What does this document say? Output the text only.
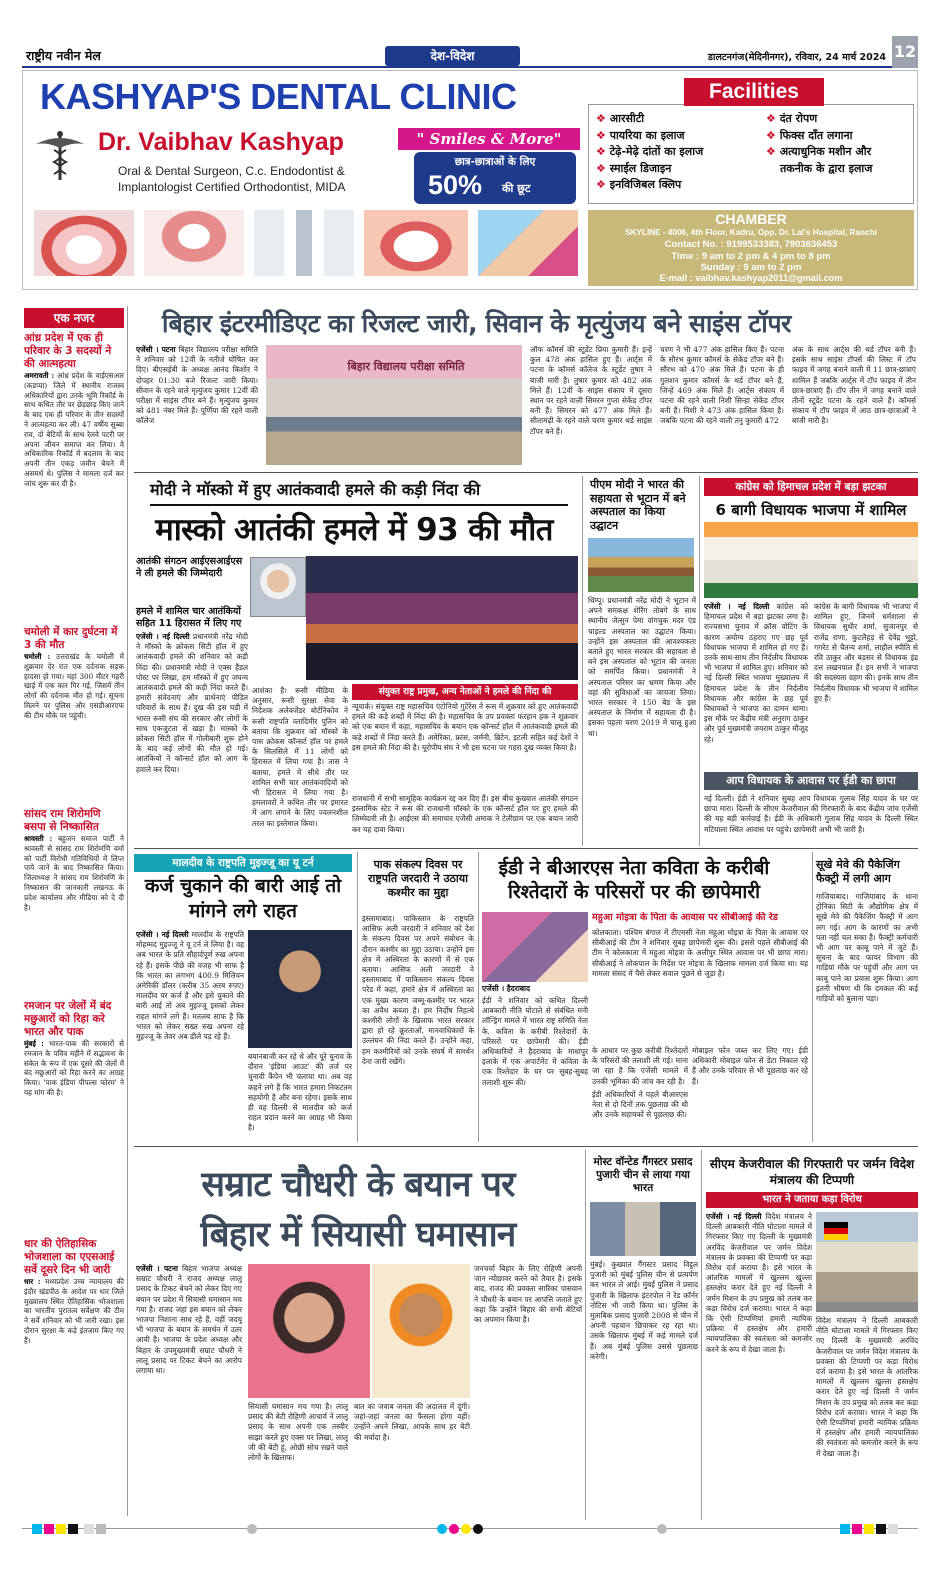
राष्ट्रीय नवीन मेल	देश-विदेश	डालटनगंज(मेदिनीनगर), रविवार, 24 मार्च 2024 12
KASHYAP'S DENTAL CLINIC
Dr. Vaibhav Kashyap
Oral & Dental Surgeon, C.c. Endodontist &
Implantologist Certified Orthodontist, MIDA
" Smiles & More"
छात्र-छात्राओं के लिए
50% की छूट
Facilities
❖ आरसीटी
❖ पायरिया का इलाज
❖ टेढ़े-मेढ़े दांतों का इलाज
❖ स्माईल डिजाइन
❖ इनविजिबल क्लिप
❖ दंत रोपण
❖ फिक्स दाँत लगाना
❖ अत्याधुनिक मशीन और
तकनीक के द्वारा इलाज
CHAMBER
SKYLINE - 4006, 4th Floor, Kadru, Opp. Dr. Lal's Hospital, Ranchi
Contact No. : 9199533383, 7903836453
Time : 9 am to 2 pm & 4 pm to 8 pm
Sunday : 9 am to 2 pm
E-mail : vaibhav.kashyap2011@gmail.com
एक नजर
आंध्र प्रदेश में एक ही परिवार के 3 सदस्यों ने की आत्महत्या
अमरावती : आंध्र प्रदेश के वाईएसआर (कडप्पा) जिले में स्थानीय राजस्व अधिकारियों द्वारा उनके भूमि रिकॉर्ड के साथ कथित तौर पर छेड़छाड़ किए जाने के बाद एक ही परिवार के तीन सदस्यों ने आत्महत्या कर ली। 47 वर्षीय सुब्बा राव, दो बेटियों के साथ रेलवे पटरी पर अपना जीवन समाप्त कर लिया। वे अधिकारिक रिकॉर्ड में बदलाव के बाद अपनी तीन एकड़ जमीन बेचने में असमर्थ थे। पुलिस ने मामला दर्ज कर जांच शुरू कर दी है।
चमोली में कार दुर्घटना में 3 की मौत
चमोली : उत्तराखंड के चमोली में शुक्रवार देर रात एक दर्दनाक सड़क हादसा हो गया। यहां 300 मीटर गहरी खाई में एक कार गिर गई, जिसमें तीन लोगों की दर्दनाक मौत हो गई। सूचना मिलने पर पुलिस और एसडीआरएफ की टीम मौके पर पहुंची।
सांसद राम शिरोमणि बसपा से निष्कासित
श्रावस्ती : बहुजन समाज पार्टी ने श्रावस्ती से सांसद राम शिरोमणि वर्मा को पार्टी विरोधी गतिविधियों में लिप्त पाये जाने के बाद निष्कासित किया। जिलाध्यक्ष ने सांसद राम शिरोमणि के निष्कासन की जानकारी लखनऊ के प्रदेश कार्यालय और मीडिया को दे दी है।
रमजान पर जेलों में बंद मछुआरों को रिहा करे भारत और पाक
मुंबई : भारत-पाक की सरकारों से रमजान के पवित्र महीने में सद्भावना के संकेत के रूप में एक दूसरे की जेलों में बंद मछुआरों को रिहा करने का आग्रह किया। 'पाक इंडिया पीपल्स फोरम' ने यह मांग की है।
धार की ऐतिहासिक भोजशाला का एएसआई सर्वे दूसरे दिन भी जारी
धार : मध्यप्रदेश उच्च न्यायालय की इंदौर खंडपीठ के आदेश पर धार जिले मुख्यालय स्थित ऐतिहासिक भोजशाला का भारतीय पुरातत्व सर्वेक्षण की टीम ने सर्वे शनिवार को भी जारी रखा। इस दौरान सुरक्षा के कड़े इंतजाम किए गए हैं।
बिहार इंटरमीडिएट का रिजल्ट जारी, सिवान के मृत्युंजय बने साइंस टॉपर
एजेंसी । पटना बिहार विद्यालय परीक्षा समिति ने शनिवार को 12वीं के नतीजे घोषित कर दिए। बीएसईबी के अध्यक्ष आनंद किशोर ने दोपहर 01:30 बजे रिजल्ट जारी किया। सीवान के रहने वाले मृत्युंजय कुमार 12वीं की परीक्षा में साइंस टॉपर बने हैं। मृत्युंजय कुमार को 481 नंबर मिले हैं। पूर्णिया की रहने वाली कॉलेज
बिहार विद्यालय परीक्षा समिति
ऑफ कॉमर्स की स्टूडेंट प्रिया कुमारी हैं। इन्हें कुल 478 अंक हासिल हुए हैं। आर्ट्स में पटना के कॉमर्स कॉलेज के स्टूडेंट तुषार ने बाजी मारी है। तुषार कुमार को 482 अंक मिले हैं। 12वीं के साइंस संकाय में दूसरा स्थान पर रहने वाली सिमरन गुप्ता सेकेंड टॉपर बनी हैं। सिमरन को 477 अंक मिले हैं। सीतामढ़ी के रहने वाले चरण कुमार थर्ड साइंस टॉपर बने हैं।
चरण ने भी 477 अंक हासिल किए हैं। पटना के सौरभ कुमार कॉमर्स के सेकेंड टॉपर बने हैं। सौरभ को 470 अंक मिले हैं। पटना के ही गुलशन कुमार कॉमर्स के थर्ड टॉपर बने हैं, जिन्हें 469 अंक मिले हैं। आर्ट्स संकाय में पटना की रहने वाली निशी सिन्हा सेकेंड टॉपर बनी हैं। निशी ने 473 अंक हासिल किया है। जबकि पटना की रहने वाली तनु कुमारी 472
अंक के साथ आर्ट्स की थर्ड टॉपर बनी हैं। इसके साथ साइंस टॉपर्स की लिस्ट में टॉप फाइव में जगह बनाने वाली में 11 छात्र-छात्राएं शामिल हैं जबकि आर्ट्स में टॉप फाइव में तीन छात्र-छात्राएं हैं। टॉप तीन में जगह बनाने वाले तीनों स्टूडेंट पटना के रहने वाले हैं। कॉमर्स संकाय में टॉप फाइव में आठ छात्र-छात्राओं ने बाजी मारी है।
मोदी ने मॉस्को में हुए आतंकवादी हमले की कड़ी निंदा की
मास्को आतंकी हमले में 93 की मौत
आतंकी संगठन आईएसआईएस ने ली हमले की जिम्मेदारी
हमले में शामिल चार आतंकियों सहित 11 हिरासत में लिए गए
एजेंसी । नई दिल्ली प्रधानमंत्री नरेंद्र मोदी ने मॉस्को के क्रोकस सिटी हॉल में हुए आतंकवादी हमले की शनिवार को कड़ी निंदा की। प्रधानमंत्री मोदी ने एक्स हैंडल पोस्ट पर लिखा, हम मॉस्को में हुए जघन्य आतंकवादी हमले की कड़ी निंदा करते हैं। हमारी संवेदनाएं और प्रार्थनाएं पीड़ित परिवारों के साथ हैं। दुख की इस घड़ी में भारत रूसी संघ की सरकार और लोगों के साथ एकजुटता से खड़ा है। मास्को के क्रोकस सिटी हॉल में गोलीबारी शुरू होने के बाद कई लोगों की मौत हो गई। आतंकियों ने कॉन्सर्ट हॉल को आग के हवाले कर दिया।
आशंका है। रूसी मीडिया के अनुसार, रूसी सुरक्षा सेवा के निदेशक अलेक्जेंडर बोर्टनिकोव ने रूसी राष्ट्रपति व्लादिमीर पुतिन को बताया कि शुक्रवार को मॉस्को के पास क्रोकस कॉन्सर्ट हॉल पर हमले के सिलसिले में 11 लोगों को हिरासत में लिया गया है। तास ने बताया, हमले में सीधे तौर पर शामिल सभी चार आतंकवादियों को भी हिरासत में लिया गया है। हमलावरों ने कथित तौर पर इमारत में आग लगाने के लिए ज्वलनशील तरल का इस्तेमाल किया।
संयुक्त राष्ट्र प्रमुख, अन्य नेताओं ने हमले की निंदा की
न्यूयार्क। संयुक्त राष्ट्र महासचिव एंटोनियो गुटेरेस ने रूस में शुक्रवार को हुए आतंकवादी हमले की कड़े शब्दों में निंदा की है। महासचिव के उप प्रवक्ता फरहान हक ने शुक्रवार को एक बयान में कहा, महासचिव के बयान एक कॉन्सर्ट हॉल में आतंकवादी हमले की कड़े शब्दों में निंदा करते हैं। अमेरिका, फ्रांस, जर्मनी, ब्रिटेन, इटली सहित कई देशों ने इस हमले की निंदा की है। यूरोपीय संघ ने भी इस घटना पर गहरा दुख व्यक्त किया है।
राजधानी में सभी सामूहिक कार्यक्रम रद्द कर दिए हैं। इस बीच कुख्यात आतंकी संगठन इस्लामिक स्टेट ने रूस की राजधानी मॉस्को के एक कॉन्सर्ट हॉल पर हुए हमले की जिम्मेदारी ली है। आईएस की समाचार एजेंसी अमाक ने टेलीग्राम पर एक बयान जारी कर यह दावा किया।
पीएम मोदी ने भारत की सहायता से भूटान में बने अस्पताल का किया उद्घाटन
थिम्पू। प्रधानमंत्री नरेंद्र मोदी ने भूटान में अपने समकक्ष शेरिंग तोबगे के साथ स्थानीय जेत्सुन पेमा वांगचुक मदर एंड चाइल्ड अस्पताल का उद्घाटन किया। उन्होंने इस अस्पताल की आवश्यकता बताते हुए भारत सरकार की सहायता से बने इस अस्पताल को भूटान की जनता को समर्पित किया। प्रधानमंत्री ने अस्पताल परिसर का भ्रमण किया और वहां की सुविधाओं का जायजा लिया। भारत सरकार ने 150 बेड के इस अस्पताल के निर्माण में सहायता दी है। इसका पहला चरण 2019 में चालू हुआ था।
कांग्रेस को हिमाचल प्रदेश में बड़ा झटका
6 बागी विधायक भाजपा में शामिल
एजेंसी । नई दिल्ली कांग्रेस को हिमाचल प्रदेश में बड़ा झटका लगा है। राज्यसभा चुनाव में क्रॉस वोटिंग के कारण अयोग्य ठहराए गए छह पूर्व विधायक भाजपा में शामिल हो गए हैं। उनके साथ-साथ तीन निर्दलीय विधायक भी भाजपा में शामिल हुए। शनिवार को नई दिल्ली स्थित भाजपा मुख्यालय में हिमाचल प्रदेश के तीन निर्दलीय विधायक और कांग्रेस के छह पूर्व विधायकों ने भाजपा का दामन थामा। इस मौके पर केंद्रीय मंत्री अनुराग ठाकुर और पूर्व मुख्यमंत्री जयराम ठाकुर मौजूद रहे।
कांग्रेस के बागी विधायक भी भाजपा में शामिल हुए, जिनमें धर्मशाला से विधायक सुधीर शर्मा, सुजानपुर से राजेंद्र राणा, कुटलैहड़ से देवेंद्र भुट्टो, गगरेट से चैतन्य शर्मा, लाहौल स्पीति से रवि ठाकुर और बड़सर से विधायक इंद्र दत्त लखनपाल हैं। इन सभी ने भाजपा की सदस्यता ग्रहण की। इनके साथ तीन निर्दलीय विधायक भी भाजपा में शामिल हुए हैं।
आप विधायक के आवास पर ईडी का छापा
नई दिल्ली। ईडी ने शनिवार सुबह आप विधायक गुलाब सिंह यादव के घर पर छापा मारा। दिल्ली के सीएम केजरीवाल की गिरफ्तारी के बाद केंद्रीय जांच एजेंसी की यह बड़ी कार्रवाई है। ईडी के अधिकारी गुलाब सिंह यादव के दिल्ली स्थित मटियाला स्थित आवास पर पहुंचे। छापेमारी अभी भी जारी है।
मालदीव के राष्ट्रपति मुइज्जू का यू टर्न
कर्ज चुकाने की बारी आई तो मांगने लगे राहत
एजेंसी । नई दिल्ली मालदीव के राष्ट्रपति मोहम्मद मुइज्जू ने यू टर्न ले लिया है। वह अब भारत के प्रति सौहार्दपूर्ण रुख अपना रहे हैं। इसके पीछे की वजह भी साफ है कि भारत का लगभग 400.9 मिलियन अमेरिकी डॉलर (करीब 35 अरब रुपए) मालदीव पर कर्ज है और इसे चुकाने की बारी आई तो अब मुइज्जू इसको लेकर राहत मांगने लगे हैं। मतलब साफ है कि भारत को लेकर सख्त रुख अपना रहे मुइज्जू के तेवर अब ढीले पड़ रहे हैं।
बयानबाजी कर रहे थे और पूरे चुनाव के दौरान 'इंडिया आउट' की तर्ज पर चुनावी कैंपेन भी चलाया था। अब वह कहने लगे हैं कि भारत हमारा निकटतम सहयोगी है और बना रहेगा। इसके साथ ही वह दिल्ली से मालदीव को कर्ज राहत प्रदान करने का आग्रह भी किया है।
पाक संकल्प दिवस पर राष्ट्रपति जरदारी ने उठाया कश्मीर का मुद्दा
इस्लामाबाद। पाकिस्तान के राष्ट्रपति आसिफ अली जरदारी ने शनिवार को देश के संकल्प दिवस पर अपने संबोधन के दौरान कश्मीर का मुद्दा उठाया। उन्होंने इस क्षेत्र में अस्थिरता के कारणों में से एक बताया। आसिफ अली जरदारी ने इस्लामाबाद में पाकिस्तान संकल्प दिवस परेड में कहा, हमारे क्षेत्र में अस्थिरता का एक मुख्य कारण जम्मू-कश्मीर पर भारत का अवैध कब्जा है। हम निर्दोष निहत्थे कश्मीरी लोगों के खिलाफ भारत सरकार द्वारा हो रहे क्रूरताओं, मानवाधिकारों के उल्लंघन की निंदा करते हैं। उन्होंने कहा, हम कश्मीरियों को उनके संघर्ष में समर्थन देना जारी रखेंगे।
ईडी ने बीआरएस नेता कविता के करीबी रिश्तेदारों के परिसरों पर की छापेमारी
एजेंसी । हैदराबाद
ईडी ने शनिवार को कथित दिल्ली आबकारी नीति घोटाले से संबंधित मनी लॉन्ड्रिंग मामले में भारत राष्ट्र समिति नेता के. कविता के करीबी रिश्तेदारों के परिसरों पर छापेमारी की। ईडी अधिकारियों ने हैदराबाद के माधापुर इलाके में एक अपार्टमेंट में कविता के एक रिश्तेदार के घर पर सुबह-सुबह तलाशी शुरू की।
के आधार पर कुछ करीबी रिश्तेदारों के परिसरों की तलाशी ली गई। माना जा रहा है कि एजेंसी मामले में उनकी भूमिका की जांच कर रही है।
ईडी अधिकारियों ने पहले बीआरएस नेता से दो दिनों तक पूछताछ की थी और उनके सहायकों से पूछताछ की।
महुआ मोइत्रा के पिता के आवास पर सीबीआई की रेड
कोलकाता। पश्चिम बंगाल में टीएमसी नेता महुआ मोइत्रा के पिता के आवास पर सीबीआई की टीम ने शनिवार सुबह छापेमारी शुरू की। इससे पहले सीबीआई की टीम ने कोलकाता में महुआ मोइत्रा के अलीपुर स्थित आवास पर भी छापा मारा। सीबीआई ने लोकपाल के निर्देश पर मोइत्रा के खिलाफ मामला दर्ज किया था। यह मामला संसद में पैसे लेकर सवाल पूछने से जुड़ा है।
मोबाइल फोन जब्त कर लिए गए। ईडी अधिकारी मोबाइल फोन से डेटा निकाल रहे हैं और उनके परिवार से भी पूछताछ कर रहे हैं।
सूखे मेवे की पैकेजिंग फैक्ट्री में लगी आग
गाजियाबाद। गाजियाबाद के थाना ट्रोनिका सिटी के औद्योगिक क्षेत्र में सूखे मेवे की पैकेजिंग फैक्ट्री में आग लग गई। आग के कारणों का अभी पता नहीं चल सका है। फैक्ट्री कर्मचारी भी आग पर काबू पाने में जुटे हैं। सूचना के बाद फायर विभाग की गाड़ियां मौके पर पहुंचीं और आग पर काबू पाने का प्रयास शुरू किया। आग इतनी भीषण थी कि दमकल की कई गाड़ियों को बुलाना पड़ा।
सम्राट चौधरी के बयान पर
बिहार में सियासी घमासान
एजेंसी । पटना बिहार भाजपा अध्यक्ष सम्राट चौधरी ने राजद अध्यक्ष लालू प्रसाद के टिकट बेचने को लेकर दिए गए बयान पर प्रदेश में सियासी घमासान मच गया है। राजद जहां इस बयान को लेकर भाजपा निशाना साध रहे हैं, वहीं जदयू भी भाजपा के बयान के समर्थन में उतर आयी है। भाजपा के प्रदेश अध्यक्ष और बिहार के उपमुख्यमंत्री सम्राट चौधरी ने लालू प्रसाद पर टिकट बेचने का आरोप लगाया था।
सियासी घमासान मच गया है। लालू प्रसाद की बेटी रोहिणी आचार्य ने लालू प्रसाद के साथ अपनी एक तस्वीर साझा करते हुए एक्स पर लिखा, लालू जी की बेटी हूं, ओछी सोच रखने वाले लोगों के खिलाफ।
बात का जवाब जनता की अदालत में दूंगी। जहां-जहां जनता का फैसला होगा वहीं। उन्होंने अपने लिखा, आपके साथ हर बेटी की मर्यादा है।
जनचर्चा बिहार के लिए रोहिणी अपनी जान न्योछावर करने को तैयार है। इसके बाद, राजद की प्रवक्ता सारिका पासवान ने चौधरी के बयान पर आपत्ति जताते हुए कहा कि उन्होंने बिहार की सभी बेटियों का अपमान किया है।
मोस्ट वॉन्टेड गैंगस्टर प्रसाद पुजारी चीन से लाया गया भारत
मुंबई। कुख्यात गैंगस्टर प्रसाद विट्ठल पुजारी को मुंबई पुलिस चीन से प्रत्यर्पण कर भारत ले आई। मुंबई पुलिस ने प्रसाद पुजारी के खिलाफ इंटरपोल ने रेड कॉर्नर नोटिस भी जारी किया था। पुलिस के मुताबिक प्रसाद पुजारी 2008 से चीन में अपनी पहचान छिपाकर रह रहा था। उसके खिलाफ मुंबई में कई मामले दर्ज हैं। अब मुंबई पुलिस उससे पूछताछ करेगी।
सीएम केजरीवाल की गिरफ्तारी पर जर्मन विदेश मंत्रालय की टिप्पणी
भारत ने जताया कड़ा विरोध
एजेंसी । नई दिल्ली विदेश मंत्रालय ने दिल्ली आबकारी नीति घोटाला मामले में गिरफ्तार किए गए दिल्ली के मुख्यमंत्री अरविंद केजरीवाल पर जर्मन विदेश मंत्रालय के प्रवक्ता की टिप्पणी पर कड़ा विरोध दर्ज कराया है। इसे भारत के आंतरिक मामलों में खुल्लम खुल्ला हस्तक्षेप करार देते हुए नई दिल्ली ने जर्मन मिशन के उप प्रमुख को तलब कर कड़ा विरोध दर्ज कराया। भारत ने कहा कि ऐसी टिप्पणियां हमारी न्यायिक प्रक्रिया में हस्तक्षेप और हमारी न्यायपालिका की स्वतंत्रता को कमजोर करने के रूप में देखा जाता है।
विदेश मंत्रालय ने दिल्ली आबकारी नीति घोटाला मामले में गिरफ्तार किए गए दिल्ली के मुख्यमंत्री अरविंद केजरीवाल पर जर्मन विदेश मंत्रालय के प्रवक्ता की टिप्पणी पर कड़ा विरोध दर्ज कराया है। इसे भारत के आंतरिक मामलों में खुल्लम खुल्ला हस्तक्षेप करार देते हुए नई दिल्ली ने जर्मन मिशन के उप प्रमुख को तलब कर कड़ा विरोध दर्ज कराया। भारत ने कहा कि ऐसी टिप्पणियां हमारी न्यायिक प्रक्रिया में हस्तक्षेप और हमारी न्यायपालिका की स्वतंत्रता को कमजोर करने के रूप में देखा जाता है।
